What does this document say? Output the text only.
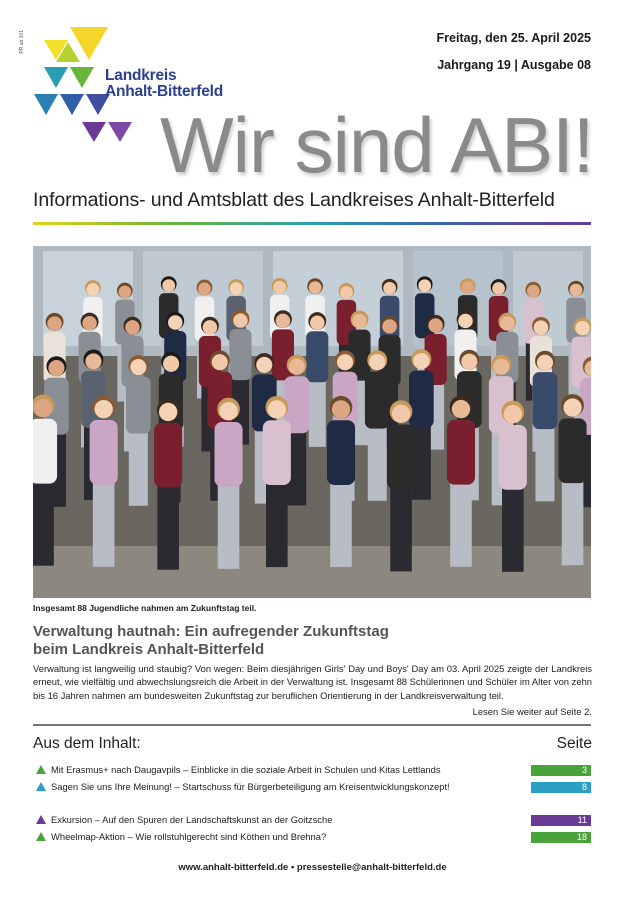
PR ab 101
Landkreis
Anhalt-Bitterfeld
Freitag, den 25. April 2025
Jahrgang 19 | Ausgabe 08
Wir sind ABI!
Informations- und Amtsblatt des Landkreises Anhalt-Bitterfeld
Insgesamt 88 Jugendliche nahmen am Zukunftstag teil.
Verwaltung hautnah: Ein aufregender Zukunftstag
beim Landkreis Anhalt-Bitterfeld
Verwaltung ist langweilig und staubig? Von wegen: Beim diesjährigen Girls' Day und Boys' Day am 03. April 2025 zeigte der Landkreis erneut, wie vielfältig und abwechslungsreich die Arbeit in der Verwaltung ist. Insgesamt 88 Schülerinnen und Schüler im Alter von zehn bis 16 Jahren nahmen am bundesweiten Zukunftstag zur beruflichen Orientierung in der Landkreisverwaltung teil.
Lesen Sie weiter auf Seite 2.
Aus dem Inhalt:	Seite
Mit Erasmus+ nach Daugavpils – Einblicke in die soziale Arbeit in Schulen und Kitas Lettlands	3
Sagen Sie uns Ihre Meinung! – Startschuss für Bürgerbeteiligung am Kreisentwicklungskonzept!	8
Exkursion – Auf den Spuren der Landschaftskunst an der Goitzsche	11
Wheelmap-Aktion – Wie rollstuhlgerecht sind Köthen und Brehna?	18
www.anhalt-bitterfeld.de • pressestelle@anhalt-bitterfeld.de
